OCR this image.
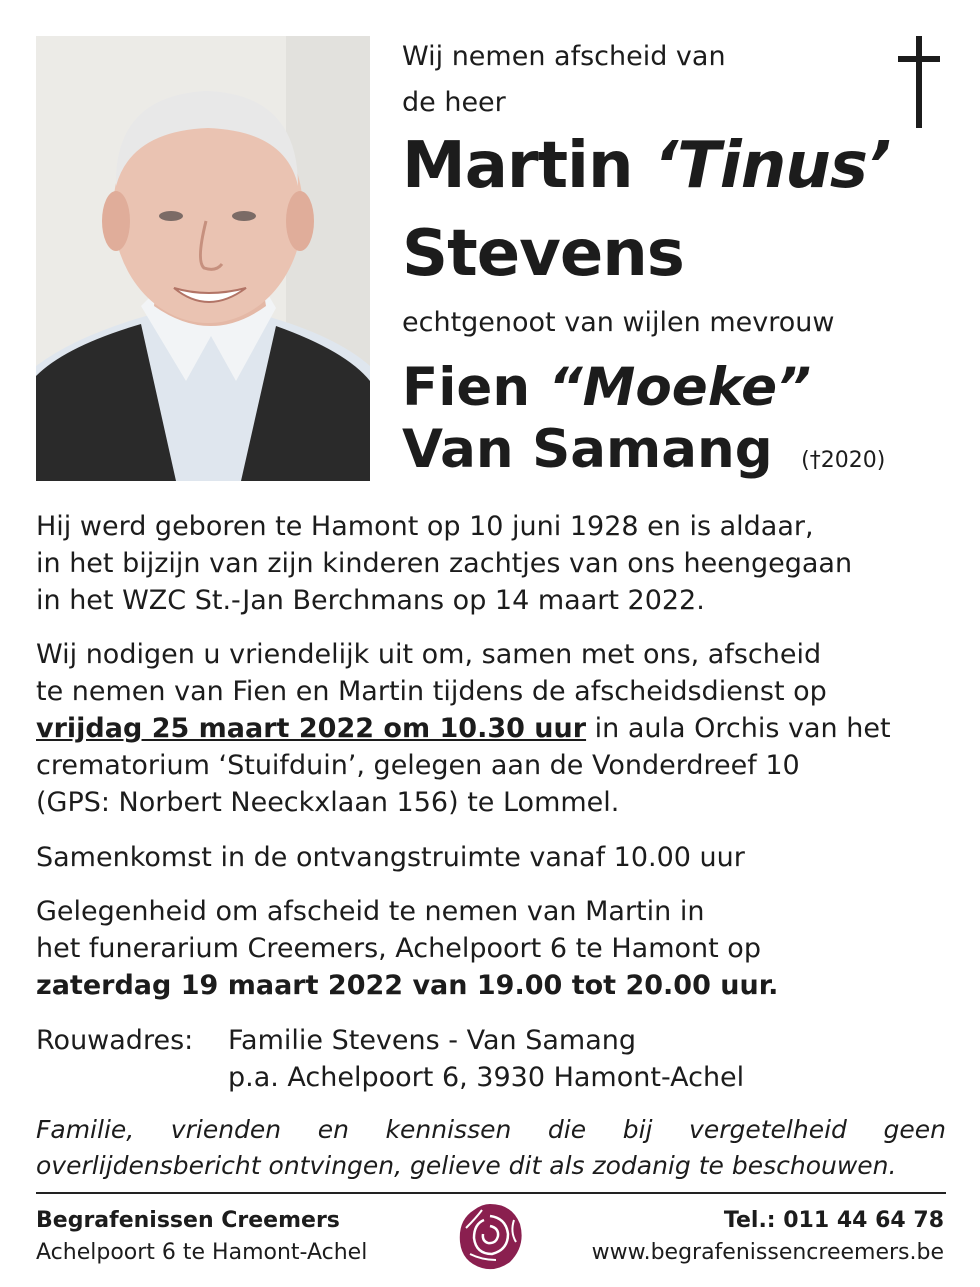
Wij nemen afscheid van
de heer
Martin ‘Tinus’
Stevens
echtgenoot van wijlen mevrouw
Fien “Moeke”
Van Samang (†2020)
Hij werd geboren te Hamont op 10 juni 1928 en is aldaar,
in het bijzijn van zijn kinderen zachtjes van ons heengegaan
in het WZC St.-Jan Berchmans op 14 maart 2022.
Wij nodigen u vriendelijk uit om, samen met ons, afscheid
te nemen van Fien en Martin tijdens de afscheidsdienst op
vrijdag 25 maart 2022 om 10.30 uur in aula Orchis van het
crematorium ‘Stuifduin’, gelegen aan de Vonderdreef 10
(GPS: Norbert Neeckxlaan 156) te Lommel.
Samenkomst in de ontvangstruimte vanaf 10.00 uur
Gelegenheid om afscheid te nemen van Martin in
het funerarium Creemers, Achelpoort 6 te Hamont op
zaterdag 19 maart 2022 van 19.00 tot 20.00 uur.
Rouwadres:	Familie Stevens - Van Samang
p.a. Achelpoort 6, 3930 Hamont-Achel
Familie, vrienden en kennissen die bij vergetelheid geen overlijdensbericht ontvingen, gelieve dit als zodanig te beschouwen.
Begrafenissen Creemers
Achelpoort 6 te Hamont-Achel
Tel.: 011 44 64 78
www.begrafenissencreemers.be
